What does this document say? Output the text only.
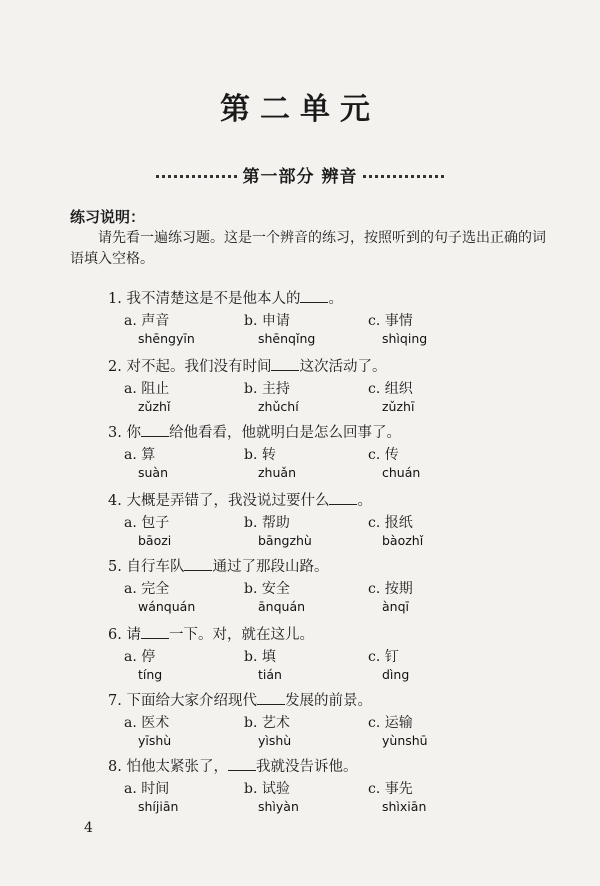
第二单元
第一部分 辨音
练习说明：
请先看一遍练习题。这是一个辨音的练习，按照听到的句子选出正确的词语填入空格。
1. 我不清楚这是不是他本人的 。
a. 声音
shēngyīn
b. 申请
shēnqǐng
c. 事情
shìqing
2. 对不起。我们没有时间 这次活动了。
a. 阻止
zǔzhǐ
b. 主持
zhǔchí
c. 组织
zǔzhī
3. 你 给他看看，他就明白是怎么回事了。
a. 算
suàn
b. 转
zhuǎn
c. 传
chuán
4. 大概是弄错了，我没说过要什么 。
a. 包子
bāozi
b. 帮助
bāngzhù
c. 报纸
bàozhǐ
5. 自行车队 通过了那段山路。
a. 完全
wánquán
b. 安全
ānquán
c. 按期
ànqī
6. 请 一下。对，就在这儿。
a. 停
tíng
b. 填
tián
c. 钉
dìng
7. 下面给大家介绍现代 发展的前景。
a. 医术
yīshù
b. 艺术
yìshù
c. 运输
yùnshū
8. 怕他太紧张了， 我就没告诉他。
a. 时间
shíjiān
b. 试验
shìyàn
c. 事先
shìxiān
4
